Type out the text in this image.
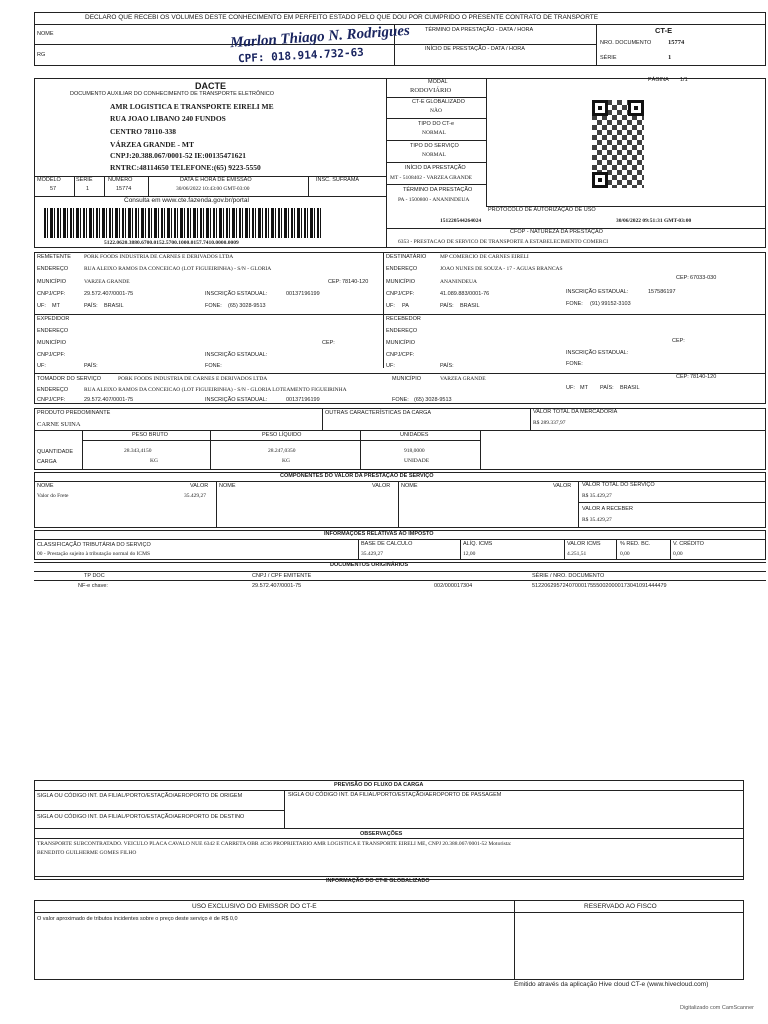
DECLARO QUE RECEBI OS VOLUMES DESTE CONHECIMENTO EM PERFEITO ESTADO PELO QUE DOU POR CUMPRIDO O PRESENTE CONTRATO DE TRANSPORTE
NOME
RG
TÉRMINO DA PRESTAÇÃO - DATA / HORA
INÍCIO DE PRESTAÇÃO - DATA / HORA
CT-E
NRO. DOCUMENTO	15774
SÉRIE	1
Marlon Thiago N. Rodrigues
CPF: 018.914.732-63
DACTE
DOCUMENTO AUXILIAR DO CONHECIMENTO DE TRANSPORTE ELETRÔNICO
AMR LOGISTICA E TRANSPORTE EIRELI ME
RUA JOAO LIBANO 240 FUNDOS
CENTRO 78110-338
VÁRZEA GRANDE - MT
CNPJ:20.388.067/0001-52 IE:00135471621
RNTRC:48114650 TELEFONE:(65) 9223-5550
MODAL
RODOVIÁRIO
CT-E GLOBALIZADO
NÃO
TIPO DO CT-e
NORMAL
TIPO DO SERVIÇO
NORMAL
INÍCIO DA PRESTAÇÃO
MT - 5108402 - VARZEA GRANDE
TÉRMINO DA PRESTAÇÃO
PA - 1500800 - ANANINDEUA
PÁGINA 1/1
MODELO
57
SÉRIE
1
NÚMERO
15774
DATA E HORA DE EMISSÃO
30/06/2022 10:43:00 GMT-03:00
INSC. SUFRAMA
Consulta em www.cte.fazenda.gov.br/portal
5122.0620.3880.6700.0152.5700.1000.0157.7410.0000.0009
PROTOCOLO DE AUTORIZAÇÃO DE USO
151220544264024	30/06/2022 09:51:31 GMT-03:00
CFOP - NATUREZA DA PRESTAÇÃO
6353 - PRESTACAO DE SERVICO DE TRANSPORTE A ESTABELECIMENTO COMERCI
REMETENTE PORK FOODS INDUSTRIA DE CARNES E DERIVADOS LTDA
ENDEREÇO	RUA ALEIXO RAMOS DA CONCEICAO (LOT FIGUEIRINHA) - S/N - GLORIA
MUNICÍPIO	VARZEA GRANDE	CEP: 78140-120
CNPJ/CPF:	29.572.407/0001-75	INSCRIÇÃO ESTADUAL:	00137196199
UF: MT	PAÍS: BRASIL	FONE: (65) 3028-9513
DESTINATÁRIO	MP COMERCIO DE CARNES EIRELI
ENDEREÇO	JOAO NUNES DE SOUZA - 17 - AGUAS BRANCAS
MUNICÍPIO	ANANINDEUA
CEP: 67033-030
CNPJ/CPF:	41.089.883/0001-76	INSCRIÇÃO ESTADUAL:	157586197
UF: PA	PAÍS: BRASIL	FONE: (91) 99152-3103
EXPEDIDOR
ENDEREÇO
MUNICÍPIO	CEP:
CNPJ/CPF:	INSCRIÇÃO ESTADUAL:
UF:	PAÍS:	FONE:
RECEBEDOR
ENDEREÇO
MUNICÍPIO	CEP:
CNPJ/CPF:	INSCRIÇÃO ESTADUAL:
UF:	PAÍS:	FONE:
TOMADOR DO SERVIÇO	PORK FOODS INDUSTRIA DE CARNES E DERIVADOS LTDA	MUNICÍPIO	VARZEA GRANDE	CEP: 78140-120
ENDEREÇO	RUA ALEIXO RAMOS DA CONCEICAO (LOT FIGUEIRINHA) - S/N - GLORIA LOTEAMENTO FIGUEIRINHA	UF: MT PAÍS: BRASIL
CNPJ/CPF:	29.572.407/0001-75	INSCRIÇÃO ESTADUAL:	00137196199	FONE: (65) 3028-9513
PRODUTO PREDOMINANTE
CARNE SUINA
OUTRAS CARACTERÍSTICAS DA CARGA	VALOR TOTAL DA MERCADORIA
R$ 289.337,97
PESO BRUTO	PESO LÍQUIDO	UNIDADES
QUANTIDADE
CARGA
28.343,4150
KG
28.247,0350
KG
918,0000
UNIDADE
COMPONENTES DO VALOR DA PRESTAÇÃO DE SERVIÇO
NOME	VALOR
Valor do Frete	35.429,27
NOME	VALOR NOME	VALOR VALOR TOTAL DO SERVIÇO
R$ 35.429,27
VALOR A RECEBER
R$ 35.429,27
INFORMAÇÕES RELATIVAS AO IMPOSTO
CLASSIFICAÇÃO TRIBUTÁRIA DO SERVIÇO
00 - Prestação sujeito à tributação normal do ICMS
BASE DE CALCULO
35.429,27
ALÍQ. ICMS
12,00
VALOR ICMS
4.251,51
% RED. BC.
0,00
V. CRÉDITO
0,00
DOCUMENTOS ORIGINÁRIOS
TP DOC	CNPJ / CPF EMITENTE	SÉRIE / NRO. DOCUMENTO
NF-e chave:	29.572.407/0001-75	002/000017304	51220629572407000175550020000173041091444479
PREVISÃO DO FLUXO DA CARGA
SIGLA OU CÓDIGO INT. DA FILIAL/PORTO/ESTAÇÃO/AEROPORTO DE ORIGEM	SIGLA OU CÓDIGO INT. DA FILIAL/PORTO/ESTAÇÃO/AEROPORTO DE PASSAGEM
SIGLA OU CÓDIGO INT. DA FILIAL/PORTO/ESTAÇÃO/AEROPORTO DE DESTINO
OBSERVAÇÕES
TRANSPORTE SUBCONTRATADO. VEICULO PLACA CAVALO NUE 6342 E CARRETA OBR 4C36 PROPRIETARIO AMR LOGISTICA E TRANSPORTE EIRELI ME, CNPJ 20.388.067/0001-52 Motorista:
BENEDITO GUILHERME GOMES FILHO
INFORMAÇÃO DO CT-E GLOBALIZADO
USO EXCLUSIVO DO EMISSOR DO CT-E	RESERVADO AO FISCO
O valor aproximado de tributos incidentes sobre o preço deste serviço é de R$ 0,0
Emitido através da aplicação Hive cloud CT-e (www.hivecloud.com)
Digitalizado com CamScanner
